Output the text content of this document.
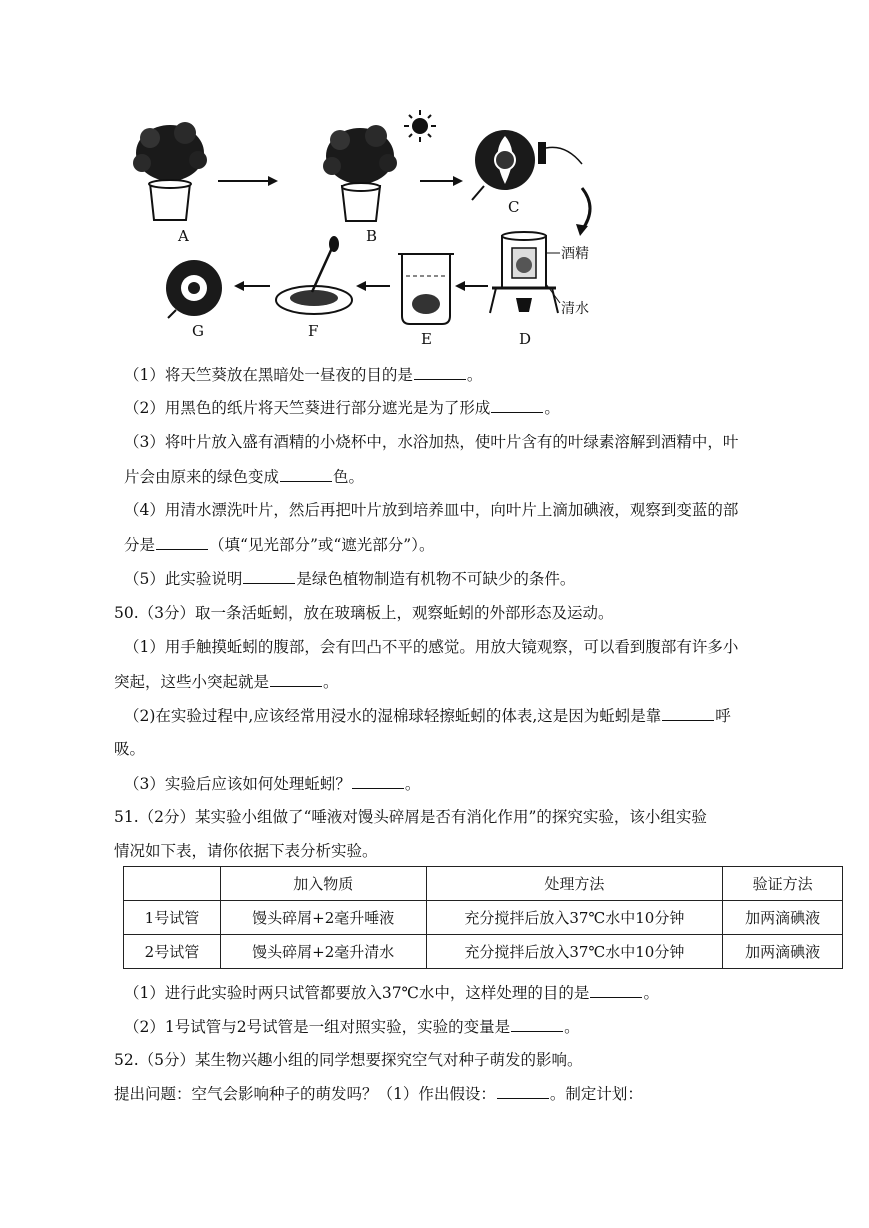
A	B
C
酒精
清水
D
E
F
G
（1）将天竺葵放在黑暗处一昼夜的目的是	。
（2）用黑色的纸片将天竺葵进行部分遮光是为了形成	。
（3）将叶片放入盛有酒精的小烧杯中，水浴加热，使叶片含有的叶绿素溶解到酒精中，叶
片会由原来的绿色变成	色。
（4）用清水漂洗叶片，然后再把叶片放到培养皿中，向叶片上滴加碘液，观察到变蓝的部
分是	（填“见光部分”或“遮光部分”）。
（5）此实验说明	是绿色植物制造有机物不可缺少的条件。
50.（3分）取一条活蚯蚓，放在玻璃板上，观察蚯蚓的外部形态及运动。
（1）用手触摸蚯蚓的腹部，会有凹凸不平的感觉。用放大镜观察，可以看到腹部有许多小
突起，这些小突起就是	。
（2)在实验过程中,应该经常用浸水的湿棉球轻擦蚯蚓的体表,这是因为蚯蚓是靠	呼
吸。
（3）实验后应该如何处理蚯蚓？	。
51.（2分）某实验小组做了“唾液对馒头碎屑是否有消化作用”的探究实验，该小组实验
情况如下表，请你依据下表分析实验。
	加入物质	处理方法	验证方法
1号试管	馒头碎屑+2毫升唾液	充分搅拌后放入37℃水中10分钟	加两滴碘液
2号试管	馒头碎屑+2毫升清水	充分搅拌后放入37℃水中10分钟	加两滴碘液
（1）进行此实验时两只试管都要放入37℃水中，这样处理的目的是	。
（2）1号试管与2号试管是一组对照实验，实验的变量是	。
52.（5分）某生物兴趣小组的同学想要探究空气对种子萌发的影响。
提出问题：空气会影响种子的萌发吗？（1）作出假设：	。制定计划：
